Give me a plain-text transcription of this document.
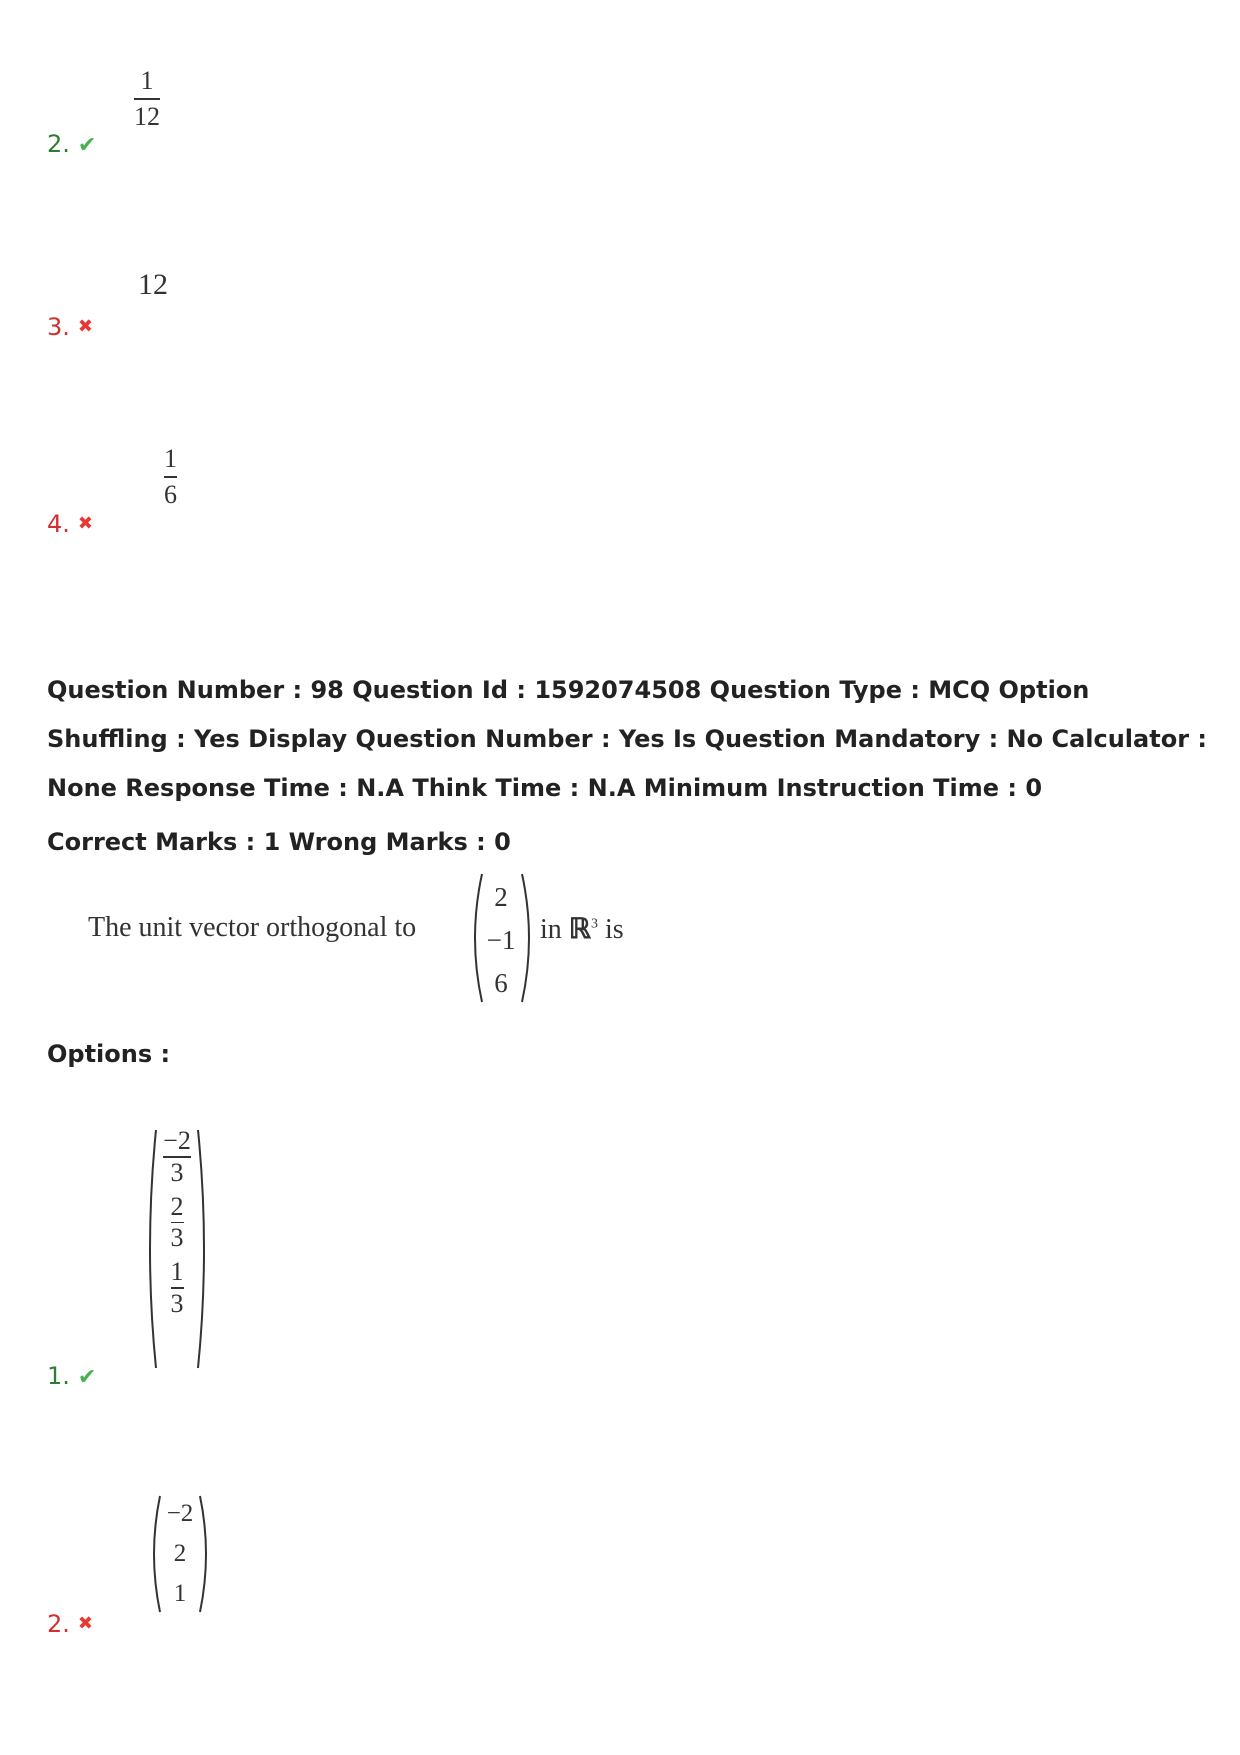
1
12
2. ✔
12
3. ✖
1
6
4. ✖
Question Number : 98 Question Id : 1592074508 Question Type : MCQ Option Shuffling : Yes Display Question Number : Yes Is Question Mandatory : No Calculator : None Response Time : N.A Think Time : N.A Minimum Instruction Time : 0
Correct Marks : 1 Wrong Marks : 0
The unit vector orthogonal to
2
−1
6
in ℝ$^3$ is
Options :
$\frac{-2}{3}$
$\frac{2}{3}$
$\frac{1}{3}$
1. ✔
−2
2
1
2. ✖
